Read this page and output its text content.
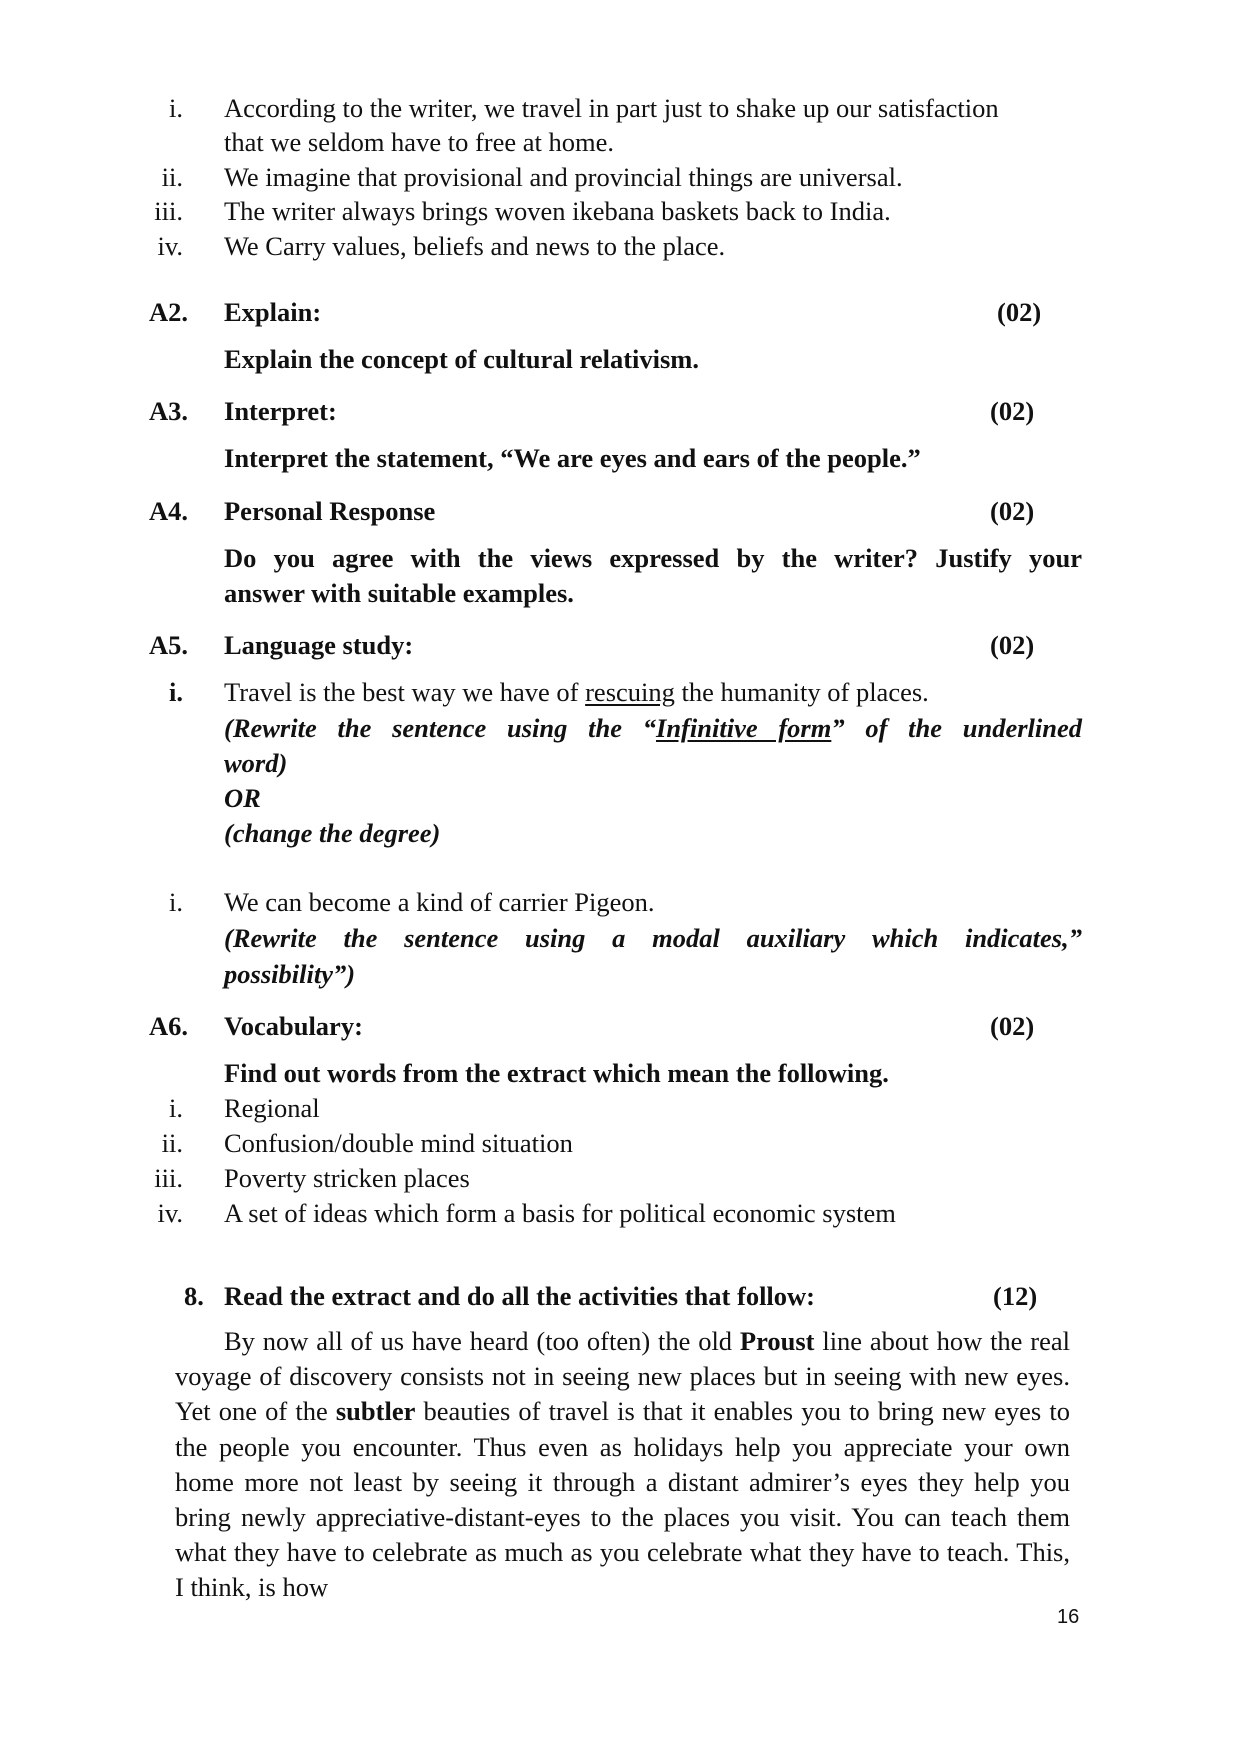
i. According to the writer, we travel in part just to shake up our satisfaction
that we seldom have to free at home.
ii. We imagine that provisional and provincial things are universal.
iii. The writer always brings woven ikebana baskets back to India.
iv. We Carry values, beliefs and news to the place.
A2. Explain:	(02)
Explain the concept of cultural relativism.
A3. Interpret:	(02)
Interpret the statement, “We are eyes and ears of the people.”
A4. Personal Response	(02)
Do you agree with the views expressed by the writer? Justify your
answer with suitable examples.
A5. Language study:	(02)
i. Travel is the best way we have of rescuing the humanity of places.
(Rewrite the sentence using the “Infinitive form” of the underlined
word)
OR
(change the degree)
i. We can become a kind of carrier Pigeon.
(Rewrite the sentence using a modal auxiliary which indicates,”
possibility”)
A6. Vocabulary:	(02)
Find out words from the extract which mean the following.
i. Regional
ii. Confusion/double mind situation
iii. Poverty stricken places
iv. A set of ideas which form a basis for political economic system
8. Read the extract and do all the activities that follow:	(12)
By now all of us have heard (too often) the old Proust line about how the real voyage of discovery consists not in seeing new places but in seeing with new eyes. Yet one of the subtler beauties of travel is that it enables you to bring new eyes to the people you encounter. Thus even as holidays help you appreciate your own home more not least by seeing it through a distant admirer’s eyes they help you bring newly appreciative-distant-eyes to the places you visit. You can teach them what they have to celebrate as much as you celebrate what they have to teach. This, I think, is how
16
